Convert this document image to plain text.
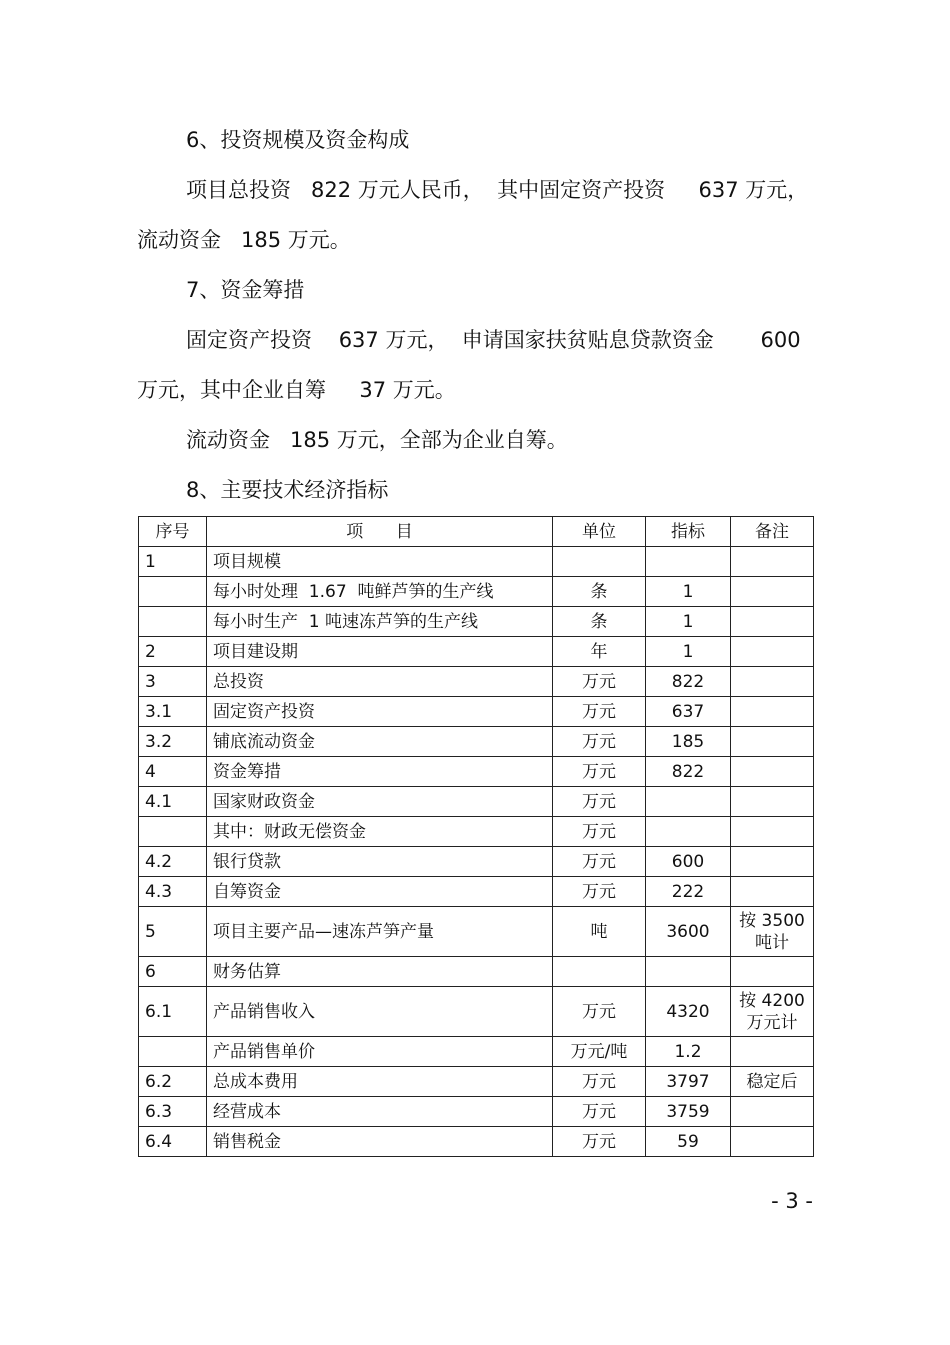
6、投资规模及资金构成
项目总投资   822 万元人民币，  其中固定资产投资     637 万元，
流动资金   185 万元。
7、资金筹措
固定资产投资    637 万元，  申请国家扶贫贴息贷款资金       600
万元，其中企业自筹     37 万元。
流动资金   185 万元，全部为企业自筹。
8、主要技术经济指标
序号	项      目	单位	指标	备注
1	项目规模			
	每小时处理  1.67  吨鲜芦笋的生产线	条	1	
	每小时生产  1 吨速冻芦笋的生产线	条	1	
2	项目建设期	年	1	
3	总投资	万元	822	
3.1	固定资产投资	万元	637	
3.2	铺底流动资金	万元	185	
4	资金筹措	万元	822	
4.1	国家财政资金	万元		
	其中：财政无偿资金	万元		
4.2	银行贷款	万元	600	
4.3	自筹资金	万元	222	
5	项目主要产品—速冻芦笋产量	吨	3600	按 3500
吨计

6	财务估算			
6.1	产品销售收入	万元	4320	按 4200
万元计

	产品销售单价	万元/吨	1.2	
6.2	总成本费用	万元	3797	稳定后
6.3	经营成本	万元	3759	
6.4	销售税金	万元	59	
- 3 -
